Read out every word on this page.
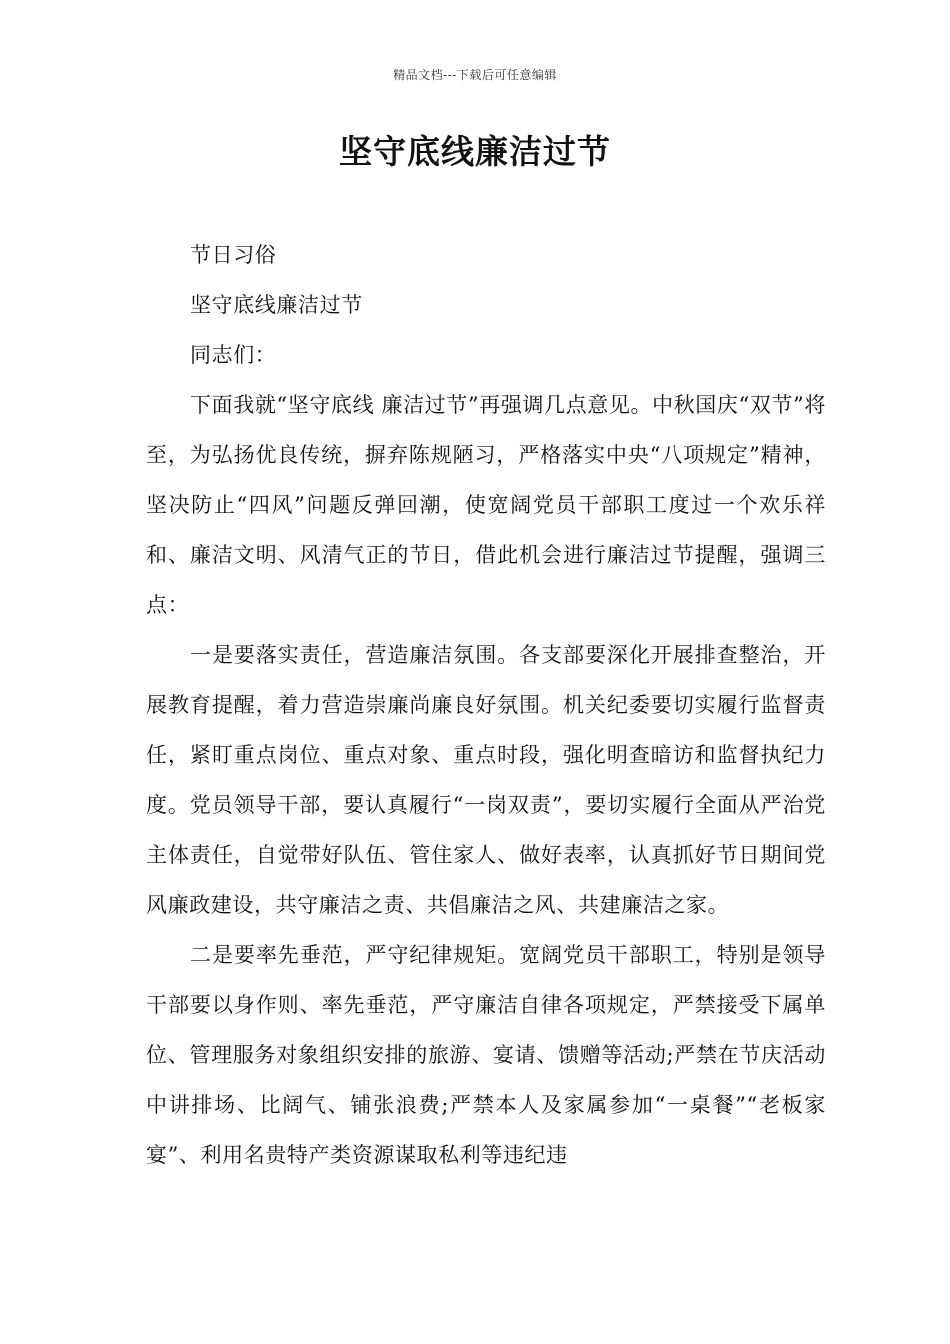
精品文档---下载后可任意编辑
坚守底线廉洁过节

节日习俗

坚守底线廉洁过节

同志们：

下面我就“坚守底线 廉洁过节”再强调几点意见。中秋国庆“双节”将至，为弘扬优良传统，摒弃陈规陋习，严格落实中央“八项规定”精神，坚决防止“四风”问题反弹回潮，使宽阔党员干部职工度过一个欢乐祥和、廉洁文明、风清气正的节日，借此机会进行廉洁过节提醒，强调三点：

一是要落实责任，营造廉洁氛围。各支部要深化开展排查整治，开展教育提醒，着力营造崇廉尚廉良好氛围。机关纪委要切实履行监督责任，紧盯重点岗位、重点对象、重点时段，强化明查暗访和监督执纪力度。党员领导干部，要认真履行“一岗双责”，要切实履行全面从严治党主体责任，自觉带好队伍、管住家人、做好表率，认真抓好节日期间党风廉政建设，共守廉洁之责、共倡廉洁之风、共建廉洁之家。

二是要率先垂范，严守纪律规矩。宽阔党员干部职工，特别是领导干部要以身作则、率先垂范，严守廉洁自律各项规定，严禁接受下属单位、管理服务对象组织安排的旅游、宴请、馈赠等活动;严禁在节庆活动中讲排场、比阔气、铺张浪费;严禁本人及家属参加“一桌餐”“老板家宴”、利用名贵特产类资源谋取私利等违纪违
